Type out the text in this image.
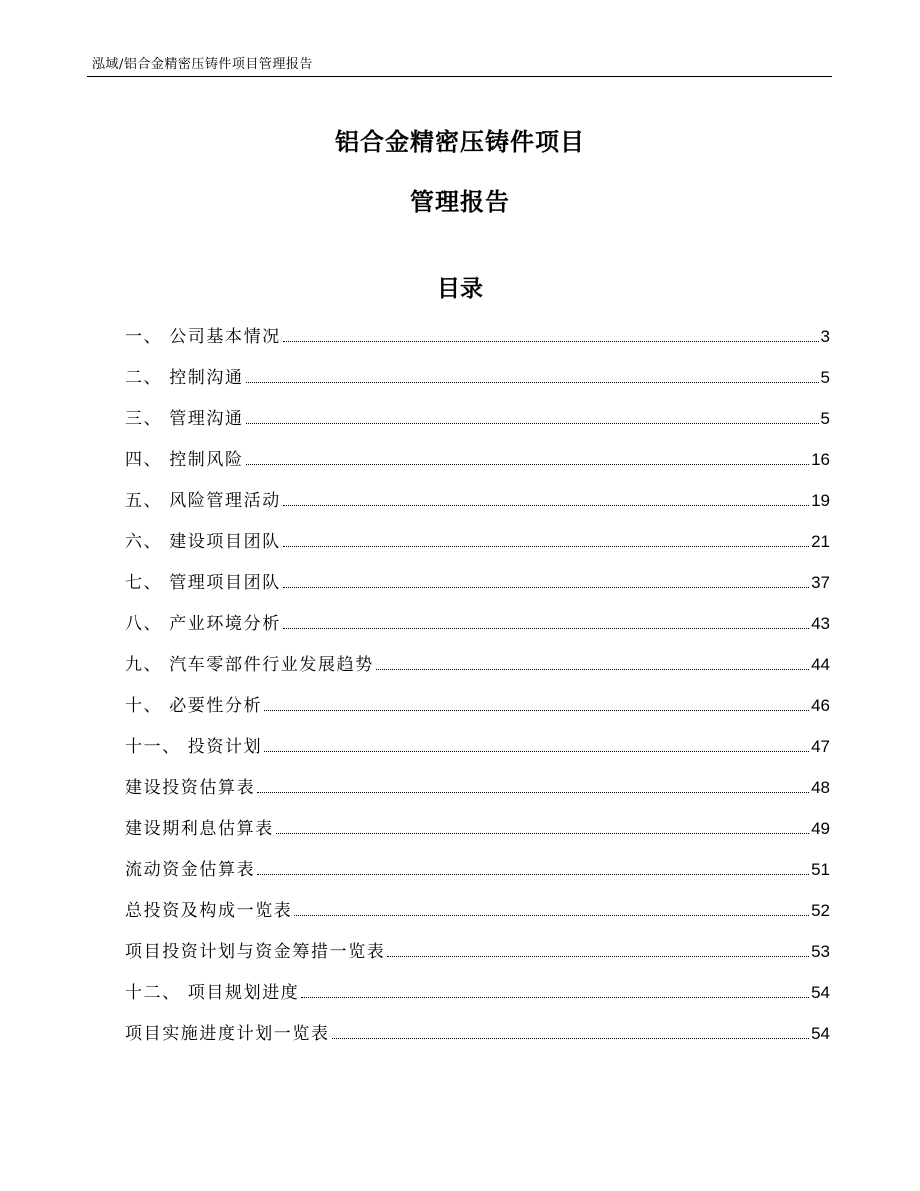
泓域/铝合金精密压铸件项目管理报告
铝合金精密压铸件项目
管理报告
目录
一、 公司基本情况	3
二、 控制沟通	5
三、 管理沟通	5
四、 控制风险	16
五、 风险管理活动	19
六、 建设项目团队	21
七、 管理项目团队	37
八、 产业环境分析	43
九、 汽车零部件行业发展趋势	44
十、 必要性分析	46
十一、 投资计划	47
建设投资估算表	48
建设期利息估算表	49
流动资金估算表	51
总投资及构成一览表	52
项目投资计划与资金筹措一览表	53
十二、 项目规划进度	54
项目实施进度计划一览表	54
